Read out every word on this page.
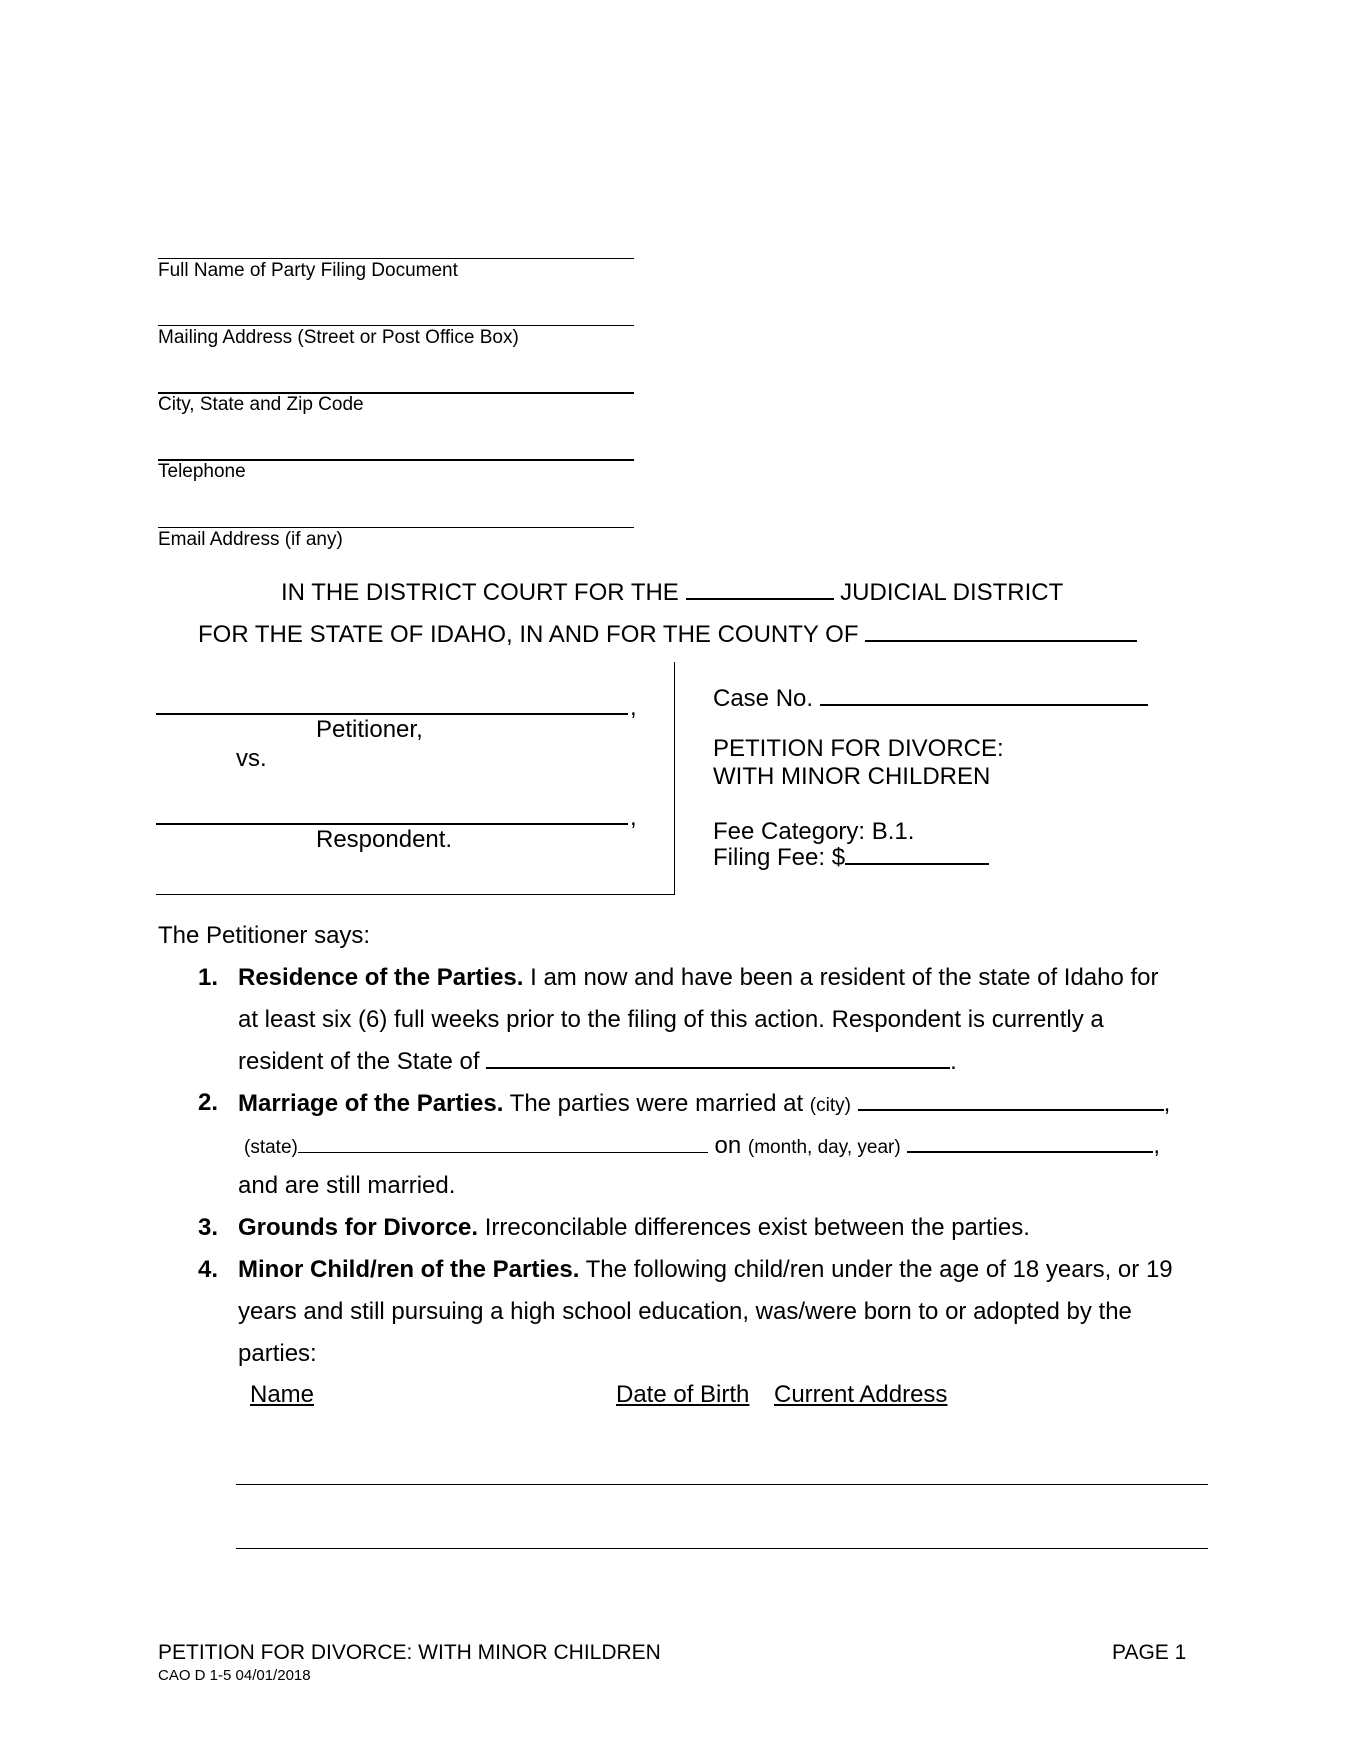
Full Name of Party Filing Document
Mailing Address (Street or Post Office Box)
City, State and Zip Code
Telephone
Email Address (if any)
IN THE DISTRICT COURT FOR THE	JUDICIAL DISTRICT
FOR THE STATE OF IDAHO, IN AND FOR THE COUNTY OF
,
Petitioner,
vs.
,
Respondent.
Case No.
PETITION FOR DIVORCE:
WITH MINOR CHILDREN
Fee Category: B.1.
Filing Fee: $
The Petitioner says:
1. Residence of the Parties. I am now and have been a resident of the state of Idaho for
at least six (6) full weeks prior to the filing of this action. Respondent is currently a
resident of the State of	.
2. Marriage of the Parties. The parties were married at (city)	,
(state)	on (month, day, year)	,
and are still married.
3. Grounds for Divorce. Irreconcilable differences exist between the parties.
4. Minor Child/ren of the Parties. The following child/ren under the age of 18 years, or 19
years and still pursuing a high school education, was/were born to or adopted by the
parties:
Name	Date of Birth Current Address
PETITION FOR DIVORCE: WITH MINOR CHILDREN
CAO D 1-5 04/01/2018
PAGE 1
